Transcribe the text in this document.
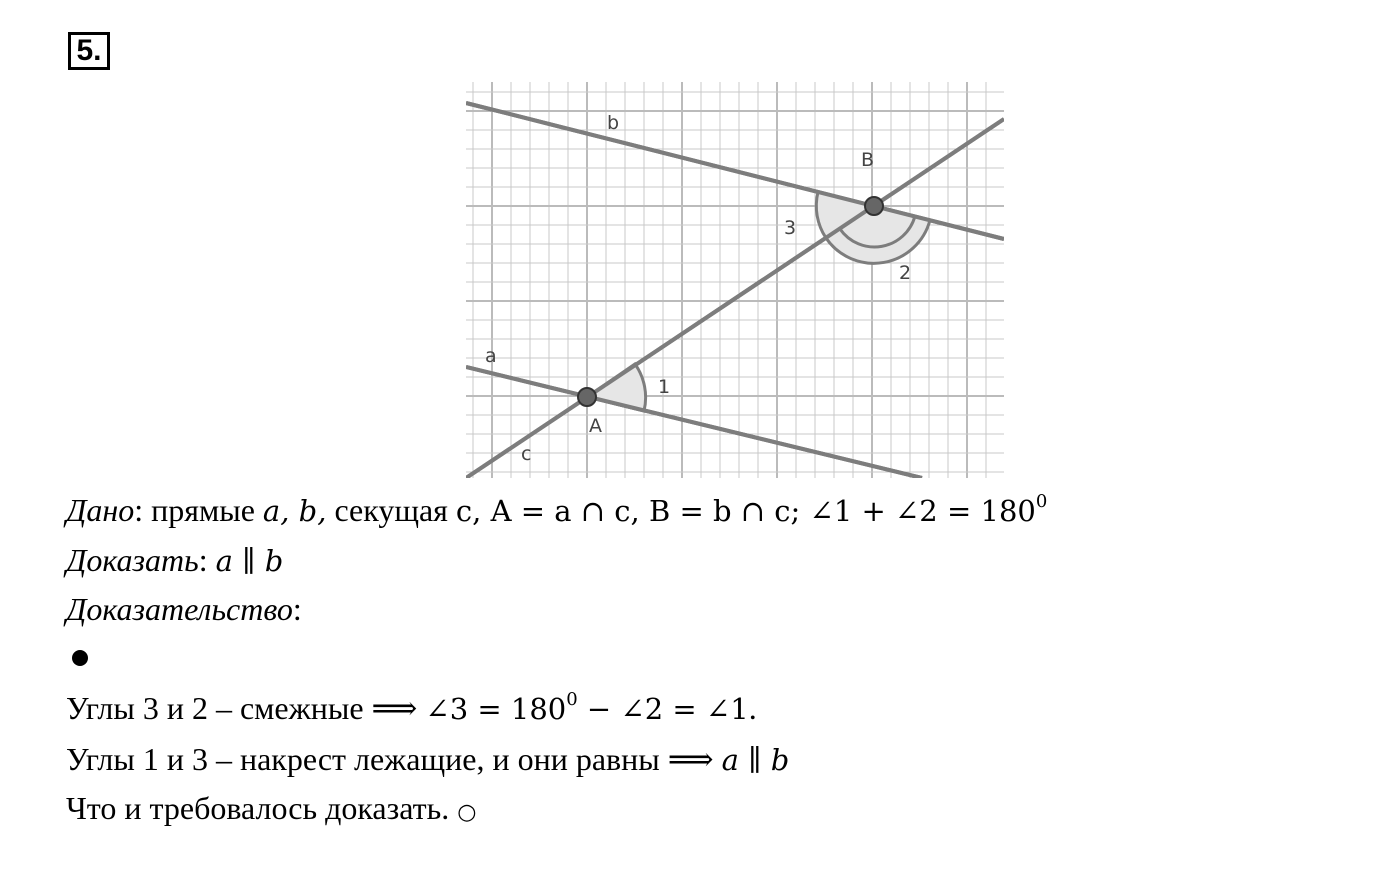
5.
b
a
c
B
A
1
2
3
Дано: прямые a, b, секущая c, A = a ∩ c, B = b ∩ c; ∠1 + ∠2 = $180^0$
Доказать: a ∥ b
Доказательство:
Углы 3 и 2 – смежные ⟹ ∠3 = $180^0$ − ∠2 = ∠1.
Углы 1 и 3 – накрест лежащие, и они равны ⟹ a ∥ b
Что и требовалось доказать. ○
